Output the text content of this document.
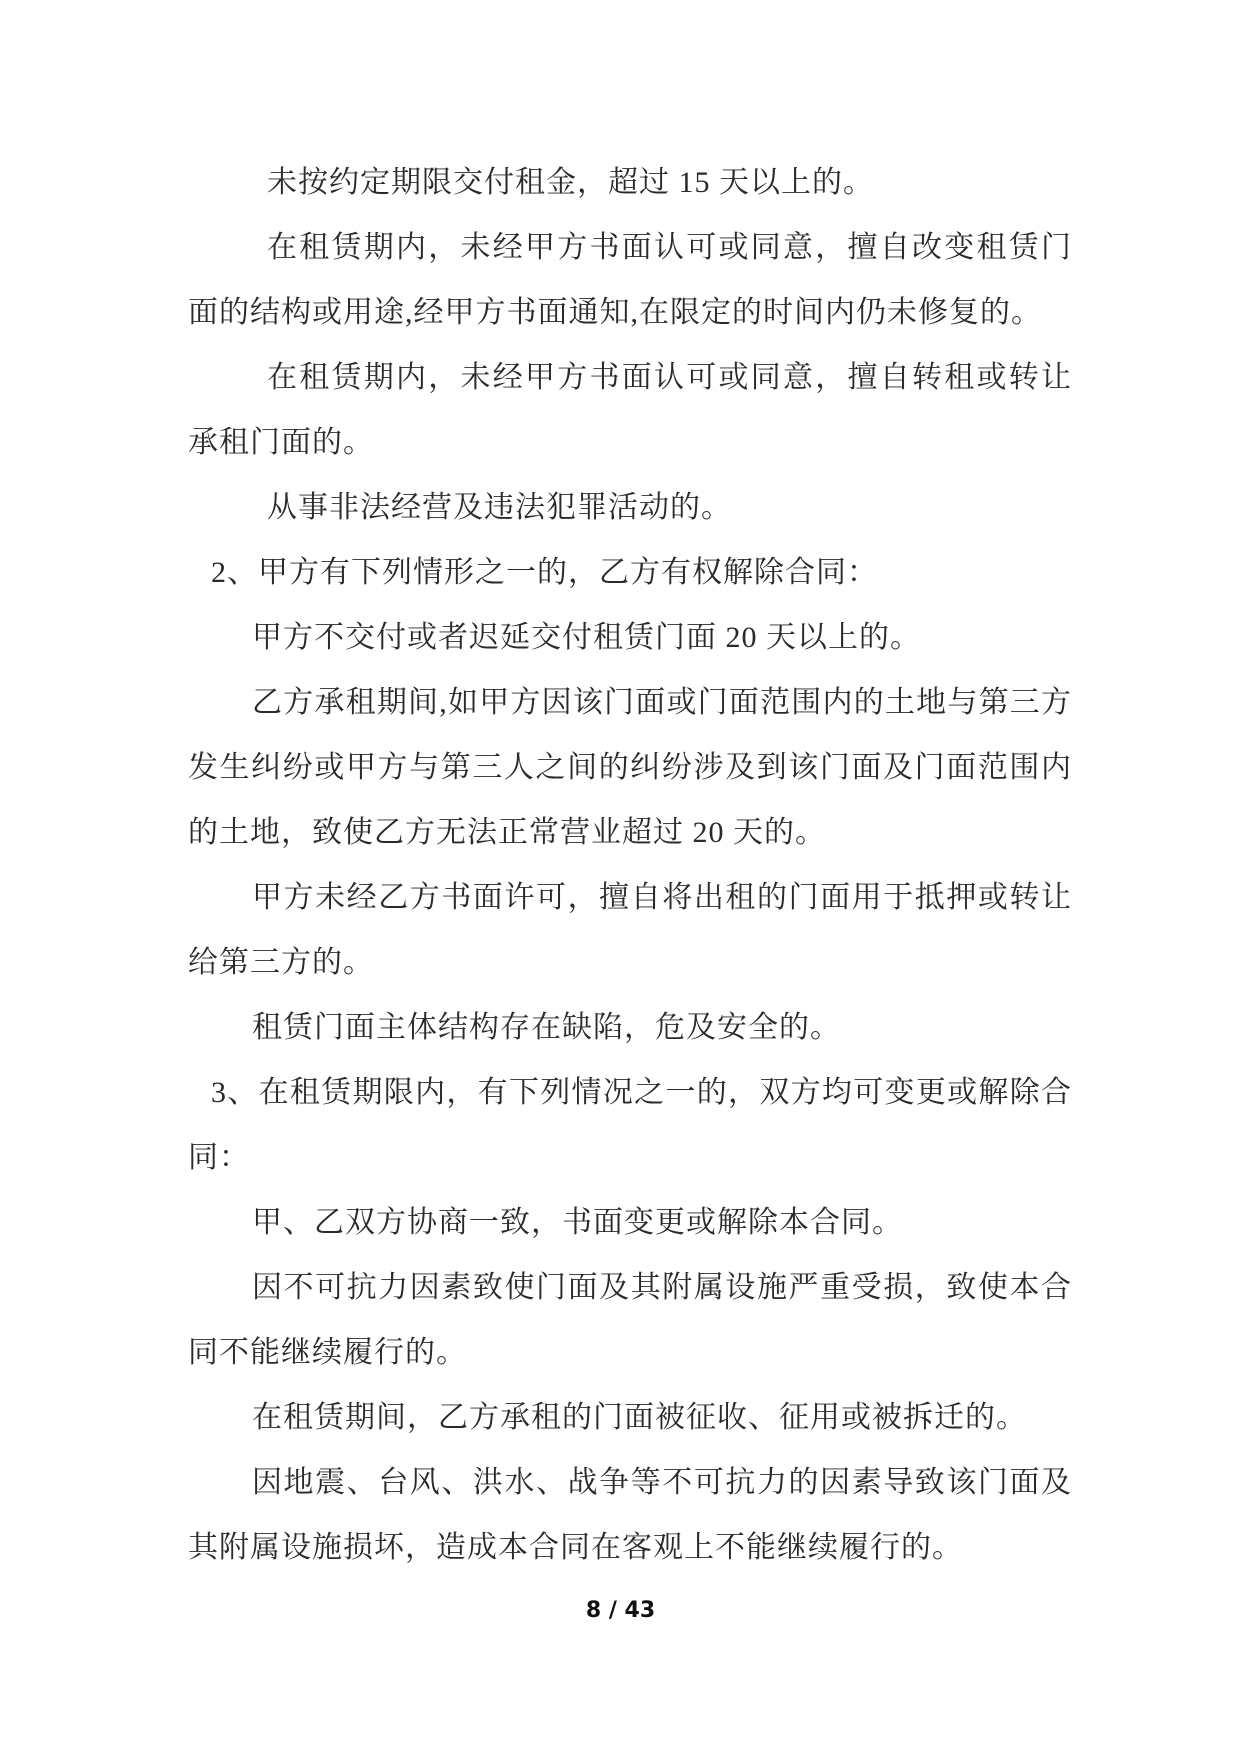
未按约定期限交付租金，超过 15 天以上的。

在租赁期内，未经甲方书面认可或同意，擅自改变租赁门面的结构或用途,经甲方书面通知,在限定的时间内仍未修复的。

在租赁期内，未经甲方书面认可或同意，擅自转租或转让承租门面的。

从事非法经营及违法犯罪活动的。

2、甲方有下列情形之一的，乙方有权解除合同：

甲方不交付或者迟延交付租赁门面 20 天以上的。

乙方承租期间,如甲方因该门面或门面范围内的土地与第三方发生纠纷或甲方与第三人之间的纠纷涉及到该门面及门面范围内的土地，致使乙方无法正常营业超过 20 天的。

甲方未经乙方书面许可，擅自将出租的门面用于抵押或转让给第三方的。

租赁门面主体结构存在缺陷，危及安全的。

3、在租赁期限内，有下列情况之一的，双方均可变更或解除合同：

甲、乙双方协商一致，书面变更或解除本合同。

因不可抗力因素致使门面及其附属设施严重受损，致使本合同不能继续履行的。

在租赁期间，乙方承租的门面被征收、征用或被拆迁的。

因地震、台风、洪水、战争等不可抗力的因素导致该门面及其附属设施损坏，造成本合同在客观上不能继续履行的。

8 / 43
